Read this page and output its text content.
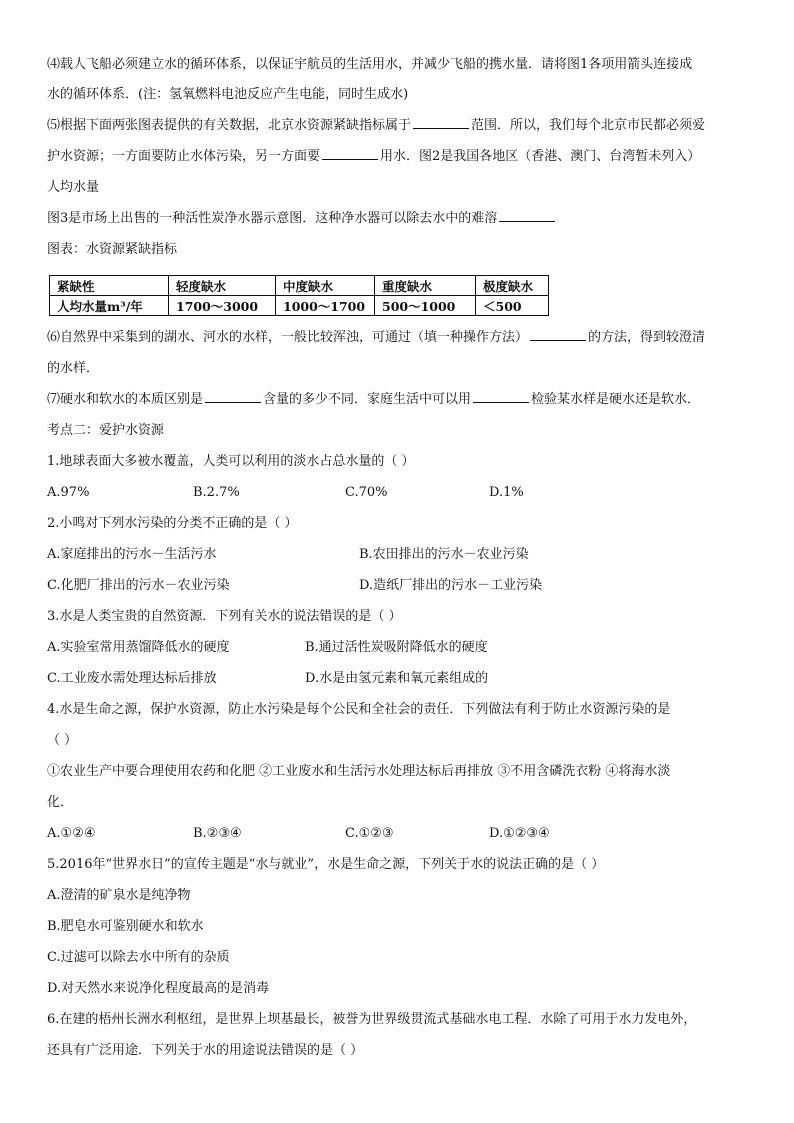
⑷载人飞船必须建立水的循环体系，以保证宇航员的生活用水，并减少飞船的携水量．请将图1各项用箭头连接成
水的循环体系．(注：氢氧燃料电池反应产生电能，同时生成水)

⑸根据下面两张图表提供的有关数据，北京水资源紧缺指标属于	范围．所以，我们每个北京市民都必须爱
护水资源；一方面要防止水体污染，另一方面要	用水．图2是我国各地区（香港、澳门、台湾暂未列入）
人均水量
图3是市场上出售的一种活性炭净水器示意图．这种净水器可以除去水中的难溶

图表：水资源紧缺指标

紧缺性	轻度缺水	中度缺水	重度缺水	极度缺水
人均水量m³/年	1700～3000	1000～1700	500～1000	＜500

⑹自然界中采集到的湖水、河水的水样，一般比较浑浊，可通过（填一种操作方法）	的方法，得到较澄清
的水样．

⑺硬水和软水的本质区别是	含量的多少不同．家庭生活中可以用	检验某水样是硬水还是软水．

考点二：爱护水资源

1.地球表面大多被水覆盖，人类可以利用的淡水占总水量的（ ）

A.97%	B.2.7%	C.70%	D.1%

2.小鸣对下列水污染的分类不正确的是（ ）

A.家庭排出的污水－生活污水	B.农田排出的污水－农业污染
C.化肥厂排出的污水－农业污染	D.造纸厂排出的污水－工业污染

3.水是人类宝贵的自然资源．下列有关水的说法错误的是（ ）

A.实验室常用蒸馏降低水的硬度	B.通过活性炭吸附降低水的硬度
C.工业废水需处理达标后排放	D.水是由氢元素和氧元素组成的

4.水是生命之源，保护水资源，防止水污染是每个公民和全社会的责任．下列做法有利于防止水资源污染的是
（ ）

①农业生产中要合理使用农药和化肥 ②工业废水和生活污水处理达标后再排放 ③不用含磷洗衣粉 ④将海水淡
化．

A.①②④	B.②③④	C.①②③	D.①②③④

5.2016年“世界水日”的宣传主题是“水与就业”，水是生命之源，下列关于水的说法正确的是（ ）

A.澄清的矿泉水是纯净物
B.肥皂水可鉴别硬水和软水
C.过滤可以除去水中所有的杂质
D.对天然水来说净化程度最高的是消毒

6.在建的梧州长洲水利枢纽，是世界上坝基最长，被誉为世界级贯流式基础水电工程．水除了可用于水力发电外，
还具有广泛用途．下列关于水的用途说法错误的是（ ）
